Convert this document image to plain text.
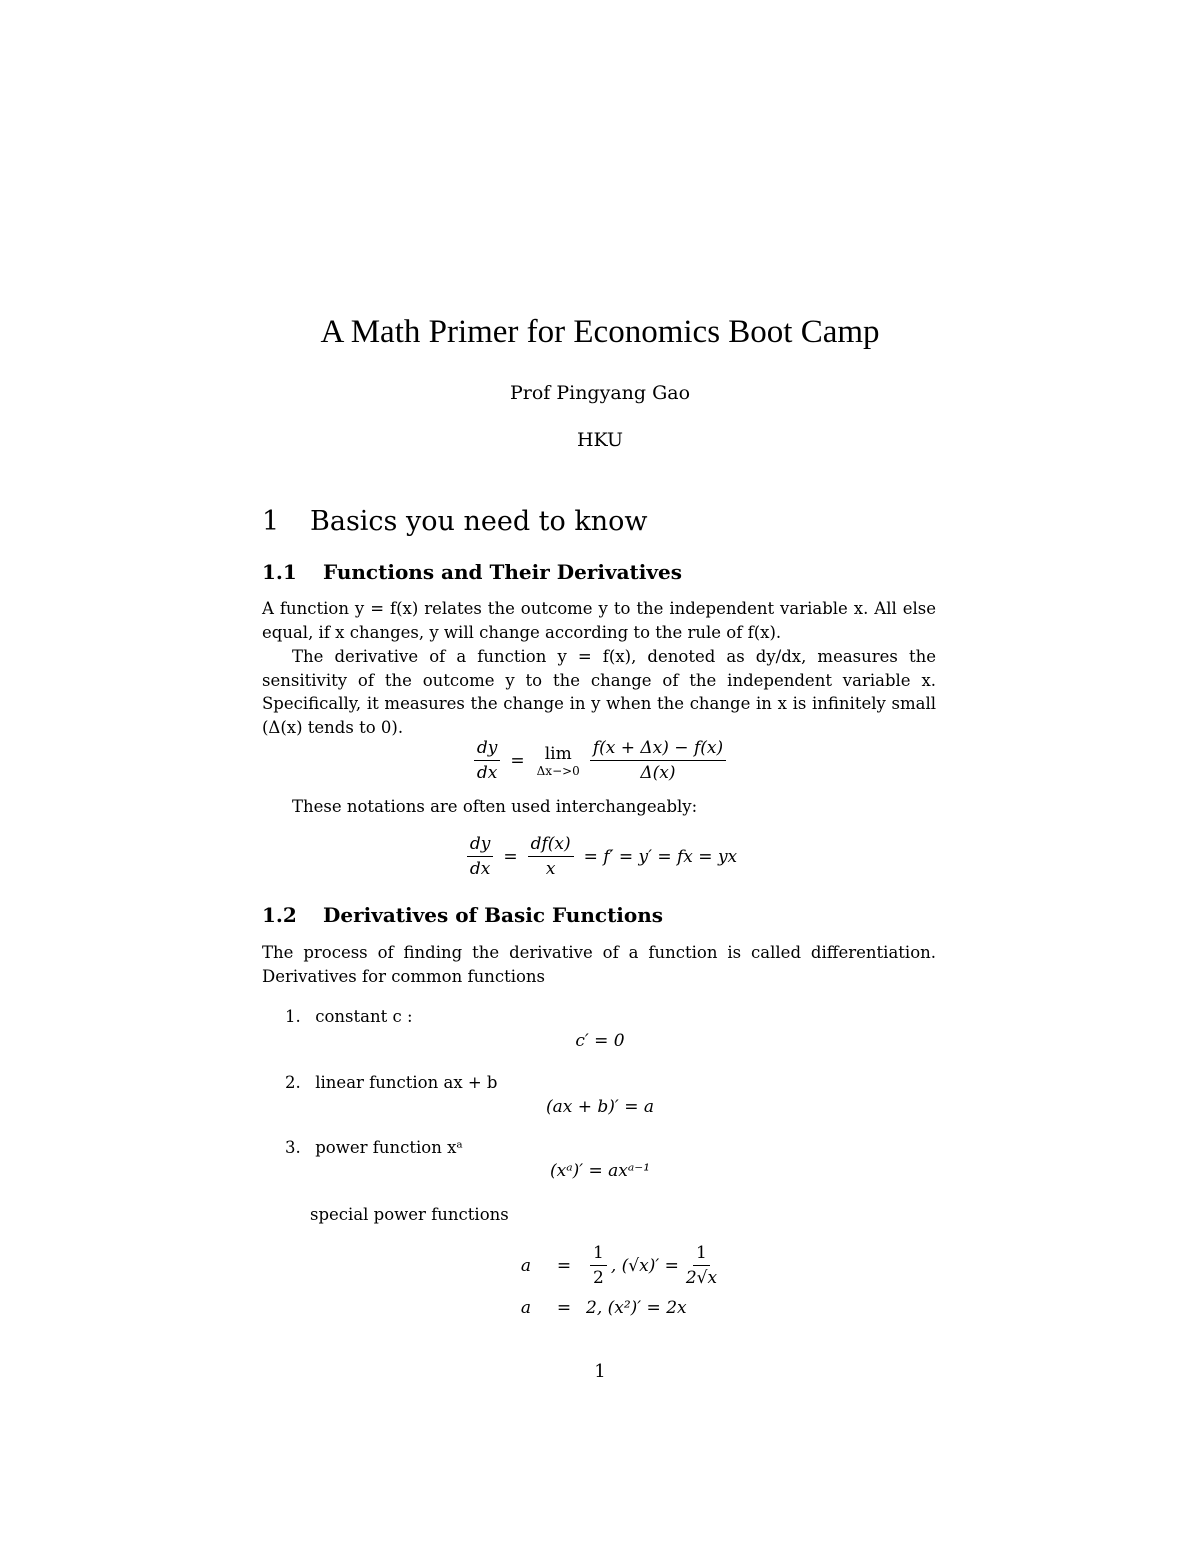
A Math Primer for Economics Boot Camp
Prof Pingyang Gao
HKU
1 Basics you need to know
1.1 Functions and Their Derivatives
A function y = f(x) relates the outcome y to the independent variable x. All else equal, if x changes, y will change according to the rule of f(x).
The derivative of a function y = f(x), denoted as dy/dx, measures the sensitivity of the outcome y to the change of the independent variable x. Specifically, it measures the change in y when the change in x is infinitely small (Δ(x) tends to 0).
$\frac{dy}{dx} = \lim$
$\Delta x->0 \frac{f(x + \Delta x) - f(x)}{\Delta(x)}$
These notations are often used interchangeably:
$\frac{dy}{dx} = \frac{df(x)}{x} = f' = y'$ = fx = yx
1.2 Derivatives of Basic Functions
The process of finding the derivative of a function is called differentiation. Derivatives for common functions
1. constant c :
c′ = 0
2. linear function ax + b
(ax + b)′ = a
3. power function xᵃ
(xᵃ)′ = axᵃ⁻¹
special power functions
a	=	$\frac{1}{2}$ , $(√x)' = \frac{1}{2√x}$
a	= 2, (x²)′ = 2x
1
